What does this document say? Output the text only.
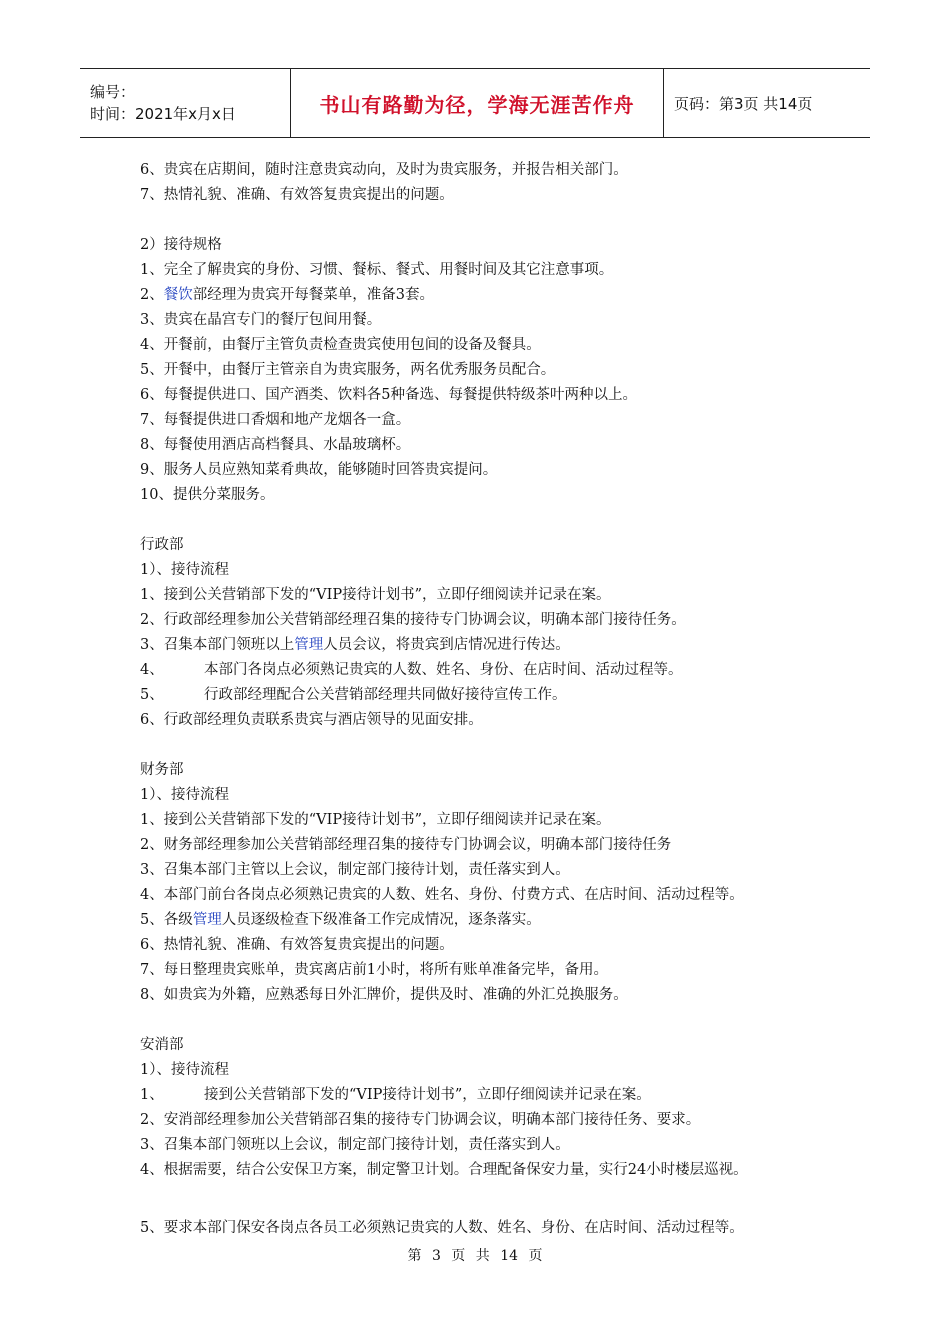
编号：
时间：2021年x月x日	书山有路勤为径，学海无涯苦作舟	页码：第3页 共14页
6、贵宾在店期间，随时注意贵宾动向，及时为贵宾服务，并报告相关部门。
7、热情礼貌、准确、有效答复贵宾提出的问题。
2）接待规格
1、完全了解贵宾的身份、习惯、餐标、餐式、用餐时间及其它注意事项。
2、餐饮部经理为贵宾开每餐菜单，准备3套。
3、贵宾在晶宫专门的餐厅包间用餐。
4、开餐前，由餐厅主管负责检查贵宾使用包间的设备及餐具。
5、开餐中，由餐厅主管亲自为贵宾服务，两名优秀服务员配合。
6、每餐提供进口、国产酒类、饮料各5种备选、每餐提供特级茶叶两种以上。
7、每餐提供进口香烟和地产龙烟各一盒。
8、每餐使用酒店高档餐具、水晶玻璃杯。
9、服务人员应熟知菜肴典故，能够随时回答贵宾提问。
10、提供分菜服务。
行政部
1）、接待流程
1、接到公关营销部下发的“VIP接待计划书”，立即仔细阅读并记录在案。
2、行政部经理参加公关营销部经理召集的接待专门协调会议，明确本部门接待任务。
3、召集本部门领班以上管理人员会议，将贵宾到店情况进行传达。
4、	本部门各岗点必须熟记贵宾的人数、姓名、身份、在店时间、活动过程等。
5、	行政部经理配合公关营销部经理共同做好接待宣传工作。
6、行政部经理负责联系贵宾与酒店领导的见面安排。
财务部
1）、接待流程
1、接到公关营销部下发的“VIP接待计划书”，立即仔细阅读并记录在案。
2、财务部经理参加公关营销部经理召集的接待专门协调会议，明确本部门接待任务
3、召集本部门主管以上会议，制定部门接待计划，责任落实到人。
4、本部门前台各岗点必须熟记贵宾的人数、姓名、身份、付费方式、在店时间、活动过程等。
5、各级管理人员逐级检查下级准备工作完成情况，逐条落实。
6、热情礼貌、准确、有效答复贵宾提出的问题。
7、每日整理贵宾账单，贵宾离店前1小时，将所有账单准备完毕，备用。
8、如贵宾为外籍，应熟悉每日外汇牌价，提供及时、准确的外汇兑换服务。
安消部
1）、接待流程
1、	接到公关营销部下发的“VIP接待计划书”，立即仔细阅读并记录在案。
2、安消部经理参加公关营销部召集的接待专门协调会议，明确本部门接待任务、要求。
3、召集本部门领班以上会议，制定部门接待计划，责任落实到人。
4、根据需要，结合公安保卫方案，制定警卫计划。合理配备保安力量，实行24小时楼层巡视。
5、要求本部门保安各岗点各员工必须熟记贵宾的人数、姓名、身份、在店时间、活动过程等。
第 3 页 共 14 页
